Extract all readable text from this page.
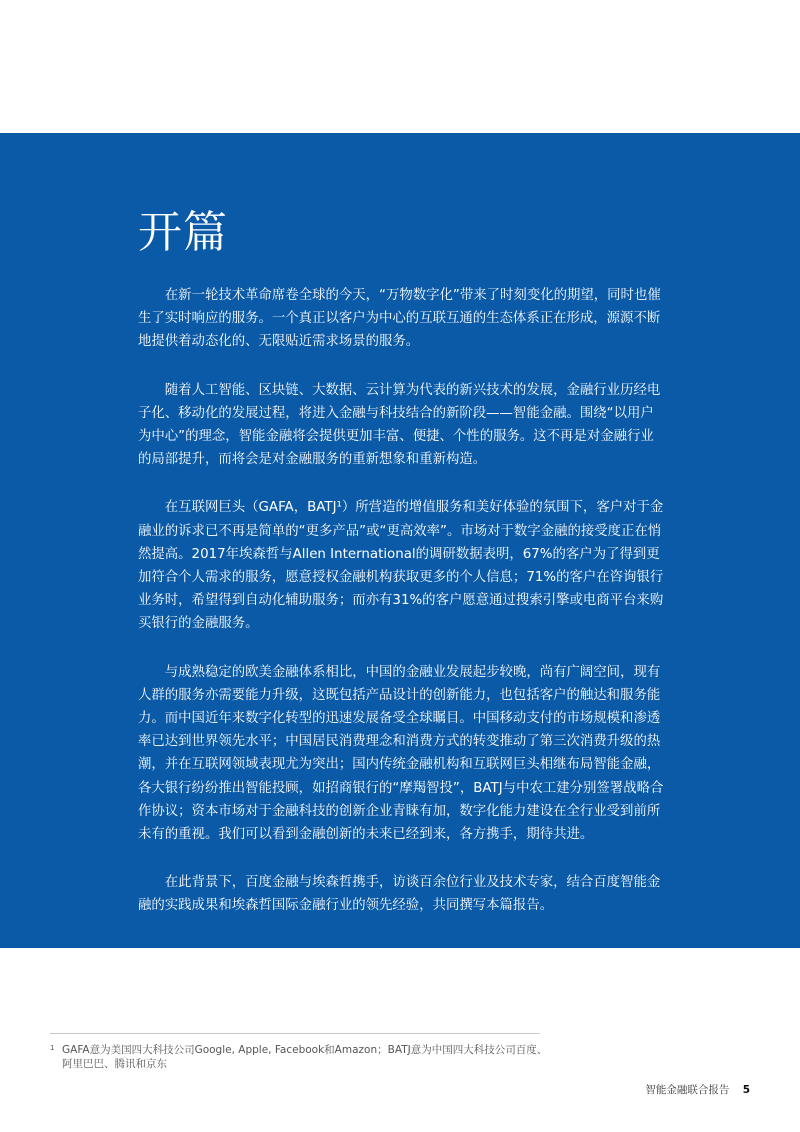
开篇

在新一轮技术革命席卷全球的今天，“万物数字化”带来了时刻变化的期望，同时也催生了实时响应的服务。一个真正以客户为中心的互联互通的生态体系正在形成，源源不断地提供着动态化的、无限贴近需求场景的服务。

随着人工智能、区块链、大数据、云计算为代表的新兴技术的发展，金融行业历经电子化、移动化的发展过程，将进入金融与科技结合的新阶段——智能金融。围绕“以用户为中心”的理念，智能金融将会提供更加丰富、便捷、个性的服务。这不再是对金融行业的局部提升，而将会是对金融服务的重新想象和重新构造。

在互联网巨头（GAFA，BATJ¹）所营造的增值服务和美好体验的氛围下，客户对于金融业的诉求已不再是简单的“更多产品”或“更高效率”。市场对于数字金融的接受度正在悄然提高。2017年埃森哲与Allen International的调研数据表明，67%的客户为了得到更加符合个人需求的服务，愿意授权金融机构获取更多的个人信息；71%的客户在咨询银行业务时，希望得到自动化辅助服务；而亦有31%的客户愿意通过搜索引擎或电商平台来购买银行的金融服务。

与成熟稳定的欧美金融体系相比，中国的金融业发展起步较晚，尚有广阔空间，现有人群的服务亦需要能力升级，这既包括产品设计的创新能力，也包括客户的触达和服务能力。而中国近年来数字化转型的迅速发展备受全球瞩目。中国移动支付的市场规模和渗透率已达到世界领先水平；中国居民消费理念和消费方式的转变推动了第三次消费升级的热潮，并在互联网领域表现尤为突出；国内传统金融机构和互联网巨头相继布局智能金融，各大银行纷纷推出智能投顾，如招商银行的“摩羯智投”，BATJ与中农工建分别签署战略合作协议；资本市场对于金融科技的创新企业青睐有加，数字化能力建设在全行业受到前所未有的重视。我们可以看到金融创新的未来已经到来，各方携手，期待共进。

在此背景下，百度金融与埃森哲携手，访谈百余位行业及技术专家，结合百度智能金融的实践成果和埃森哲国际金融行业的领先经验，共同撰写本篇报告。

1 GAFA意为美国四大科技公司Google, Apple, Facebook和Amazon；BATJ意为中国四大科技公司百度、阿里巴巴、腾讯和京东
智能金融联合报告 5
